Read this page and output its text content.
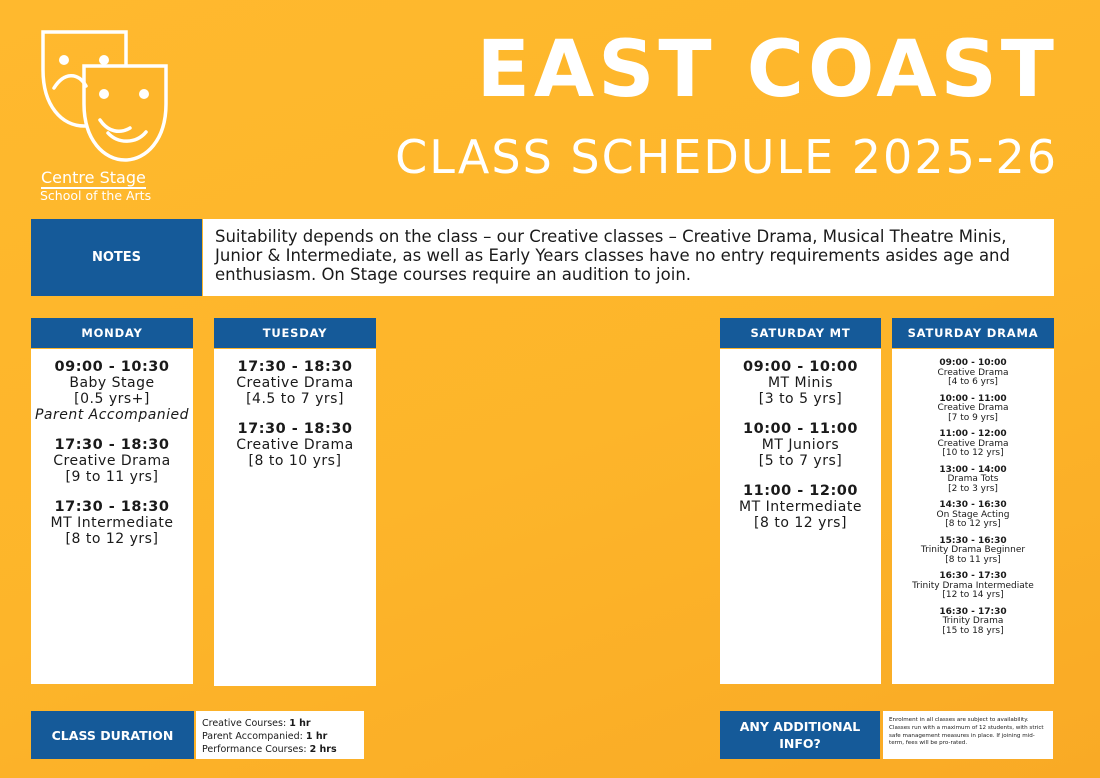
Centre Stage
School of the Arts
EAST COAST
CLASS SCHEDULE 2025-26
NOTES
Suitability depends on the class – our Creative classes – Creative Drama, Musical Theatre Minis, Junior & Intermediate, as well as Early Years classes have no entry requirements asides age and enthusiasm. On Stage courses require an audition to join.
MONDAY
09:00 - 10:30
Baby Stage
[0.5 yrs+]
Parent Accompanied
17:30 - 18:30
Creative Drama
[9 to 11 yrs]
17:30 - 18:30
MT Intermediate
[8 to 12 yrs]
TUESDAY
17:30 - 18:30
Creative Drama
[4.5 to 7 yrs]
17:30 - 18:30
Creative Drama
[8 to 10 yrs]
SATURDAY MT
09:00 - 10:00
MT Minis
[3 to 5 yrs]
10:00 - 11:00
MT Juniors
[5 to 7 yrs]
11:00 - 12:00
MT Intermediate
[8 to 12 yrs]
SATURDAY DRAMA
09:00 - 10:00
Creative Drama
[4 to 6 yrs]
10:00 - 11:00
Creative Drama
[7 to 9 yrs]
11:00 - 12:00
Creative Drama
[10 to 12 yrs]
13:00 - 14:00
Drama Tots
[2 to 3 yrs]
14:30 - 16:30
On Stage Acting
[8 to 12 yrs]
15:30 - 16:30
Trinity Drama Beginner
[8 to 11 yrs]
16:30 - 17:30
Trinity Drama Intermediate
[12 to 14 yrs]
16:30 - 17:30
Trinity Drama
[15 to 18 yrs]
CLASS DURATION
Creative Courses: 1 hr
Parent Accompanied: 1 hr
Performance Courses: 2 hrs
ANY ADDITIONAL INFO?
Enrolment in all classes are subject to availability. Classes run with a maximum of 12 students, with strict safe management measures in place. If joining mid-term, fees will be pro-rated.
